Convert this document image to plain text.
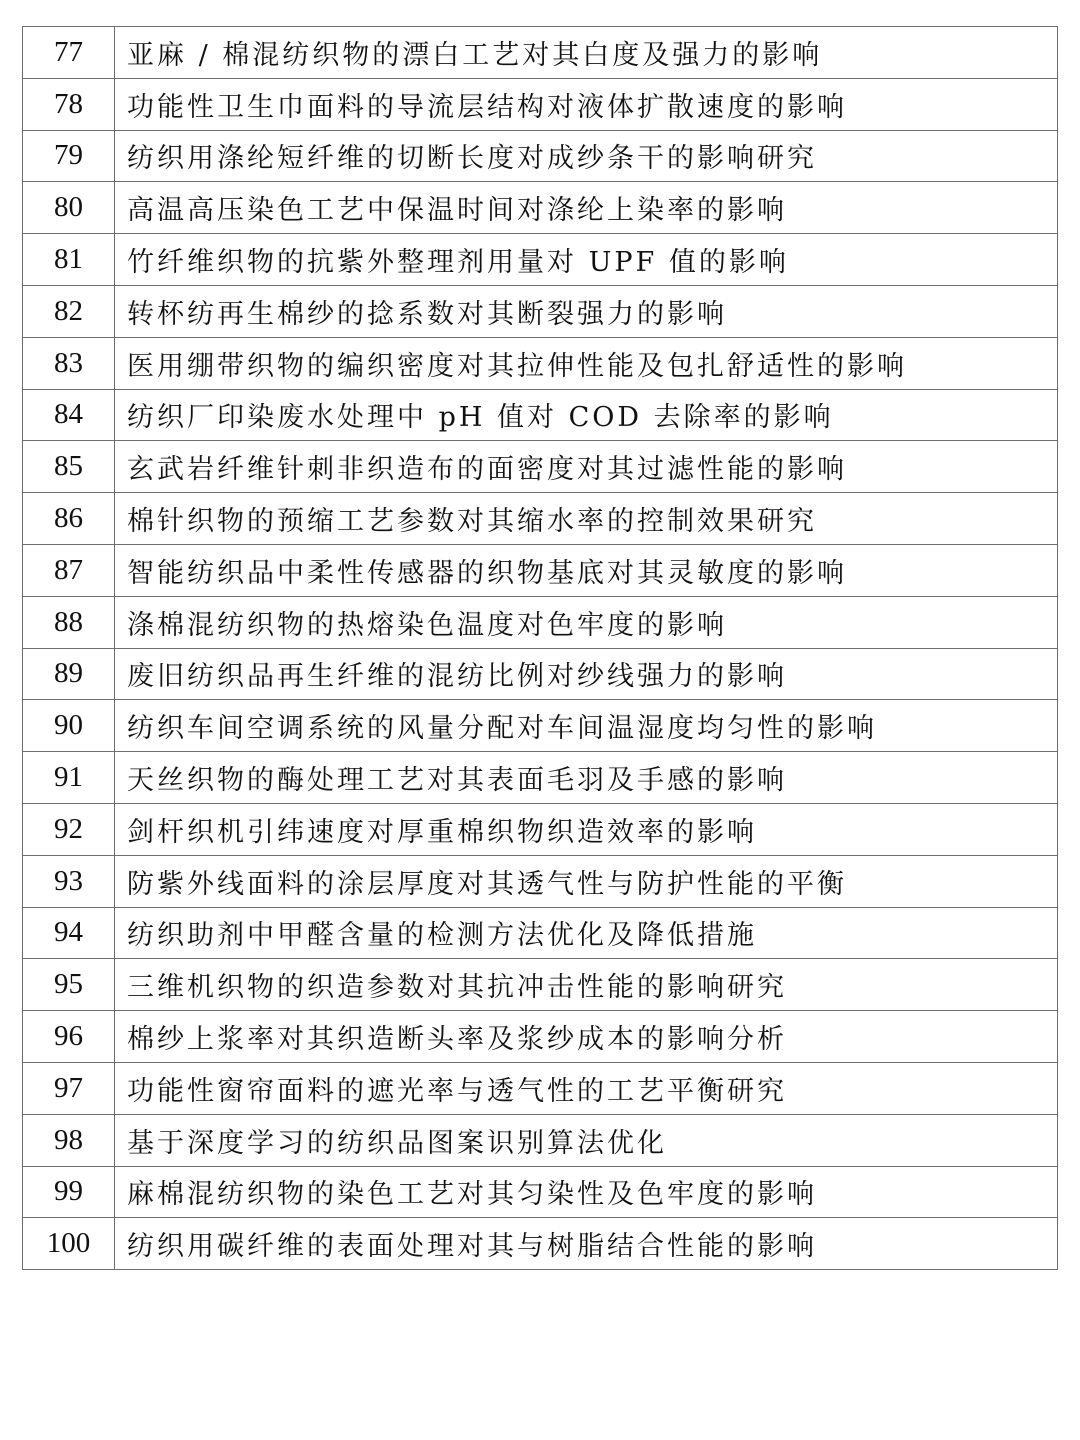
77	亚麻 / 棉混纺织物的漂白工艺对其白度及强力的影响
78	功能性卫生巾面料的导流层结构对液体扩散速度的影响
79	纺织用涤纶短纤维的切断长度对成纱条干的影响研究
80	高温高压染色工艺中保温时间对涤纶上染率的影响
81	竹纤维织物的抗紫外整理剂用量对 UPF 值的影响
82	转杯纺再生棉纱的捻系数对其断裂强力的影响
83	医用绷带织物的编织密度对其拉伸性能及包扎舒适性的影响
84	纺织厂印染废水处理中 pH 值对 COD 去除率的影响
85	玄武岩纤维针刺非织造布的面密度对其过滤性能的影响
86	棉针织物的预缩工艺参数对其缩水率的控制效果研究
87	智能纺织品中柔性传感器的织物基底对其灵敏度的影响
88	涤棉混纺织物的热熔染色温度对色牢度的影响
89	废旧纺织品再生纤维的混纺比例对纱线强力的影响
90	纺织车间空调系统的风量分配对车间温湿度均匀性的影响
91	天丝织物的酶处理工艺对其表面毛羽及手感的影响
92	剑杆织机引纬速度对厚重棉织物织造效率的影响
93	防紫外线面料的涂层厚度对其透气性与防护性能的平衡
94	纺织助剂中甲醛含量的检测方法优化及降低措施
95	三维机织物的织造参数对其抗冲击性能的影响研究
96	棉纱上浆率对其织造断头率及浆纱成本的影响分析
97	功能性窗帘面料的遮光率与透气性的工艺平衡研究
98	基于深度学习的纺织品图案识别算法优化
99	麻棉混纺织物的染色工艺对其匀染性及色牢度的影响
100	纺织用碳纤维的表面处理对其与树脂结合性能的影响
